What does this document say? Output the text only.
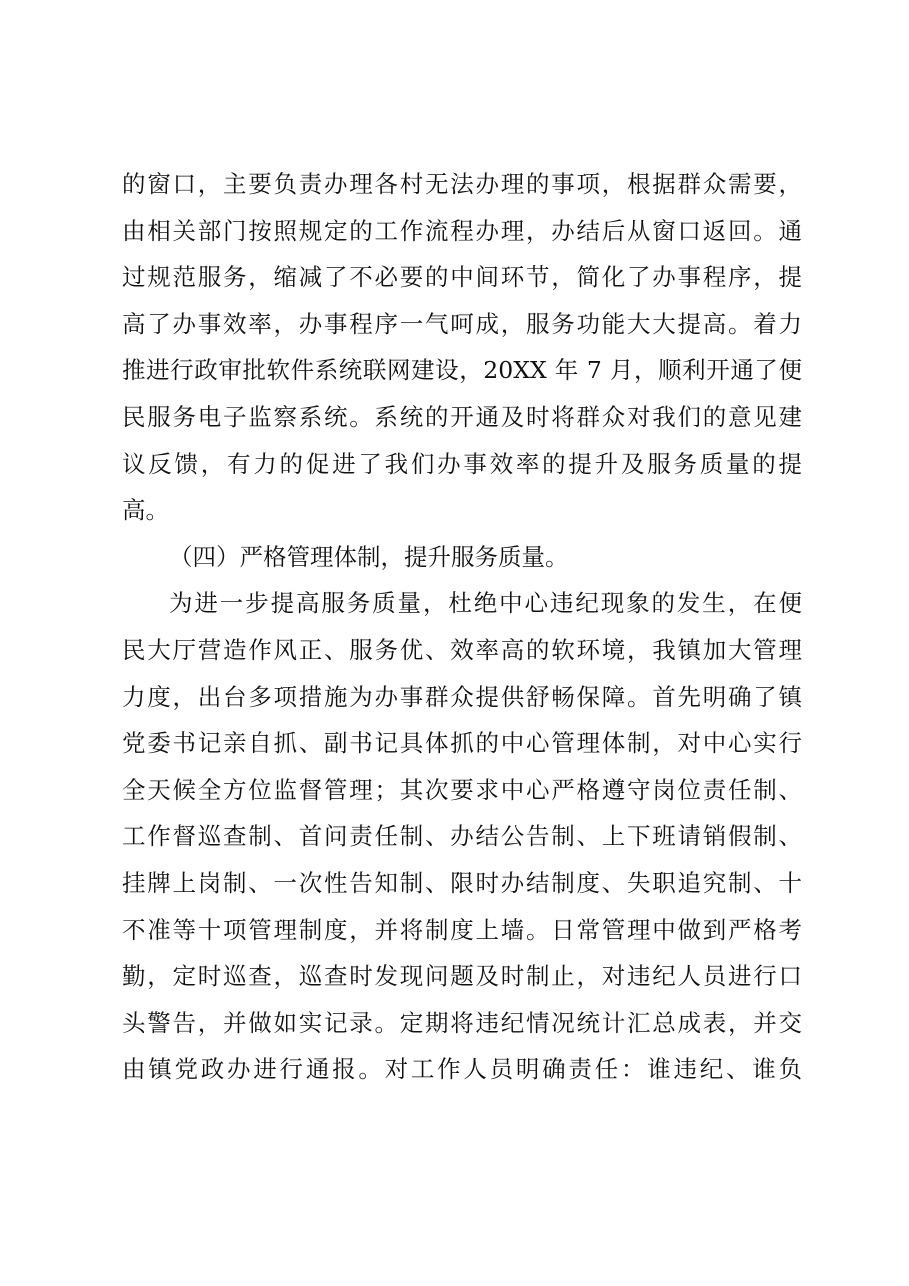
的窗口，主要负责办理各村无法办理的事项，根据群众需要，
由相关部门按照规定的工作流程办理，办结后从窗口返回。通
过规范服务，缩减了不必要的中间环节，简化了办事程序，提
高了办事效率，办事程序一气呵成，服务功能大大提高。着力
推进行政审批软件系统联网建设，20XX 年 7 月，顺利开通了便
民服务电子监察系统。系统的开通及时将群众对我们的意见建
议反馈，有力的促进了我们办事效率的提升及服务质量的提
高。
（四）严格管理体制，提升服务质量。
为进一步提高服务质量，杜绝中心违纪现象的发生，在便
民大厅营造作风正、服务优、效率高的软环境，我镇加大管理
力度，出台多项措施为办事群众提供舒畅保障。首先明确了镇
党委书记亲自抓、副书记具体抓的中心管理体制，对中心实行
全天候全方位监督管理；其次要求中心严格遵守岗位责任制、
工作督巡查制、首问责任制、办结公告制、上下班请销假制、
挂牌上岗制、一次性告知制、限时办结制度、失职追究制、十
不准等十项管理制度，并将制度上墙。日常管理中做到严格考
勤，定时巡查，巡查时发现问题及时制止，对违纪人员进行口
头警告，并做如实记录。定期将违纪情况统计汇总成表，并交
由镇党政办进行通报。对工作人员明确责任：谁违纪、谁负
